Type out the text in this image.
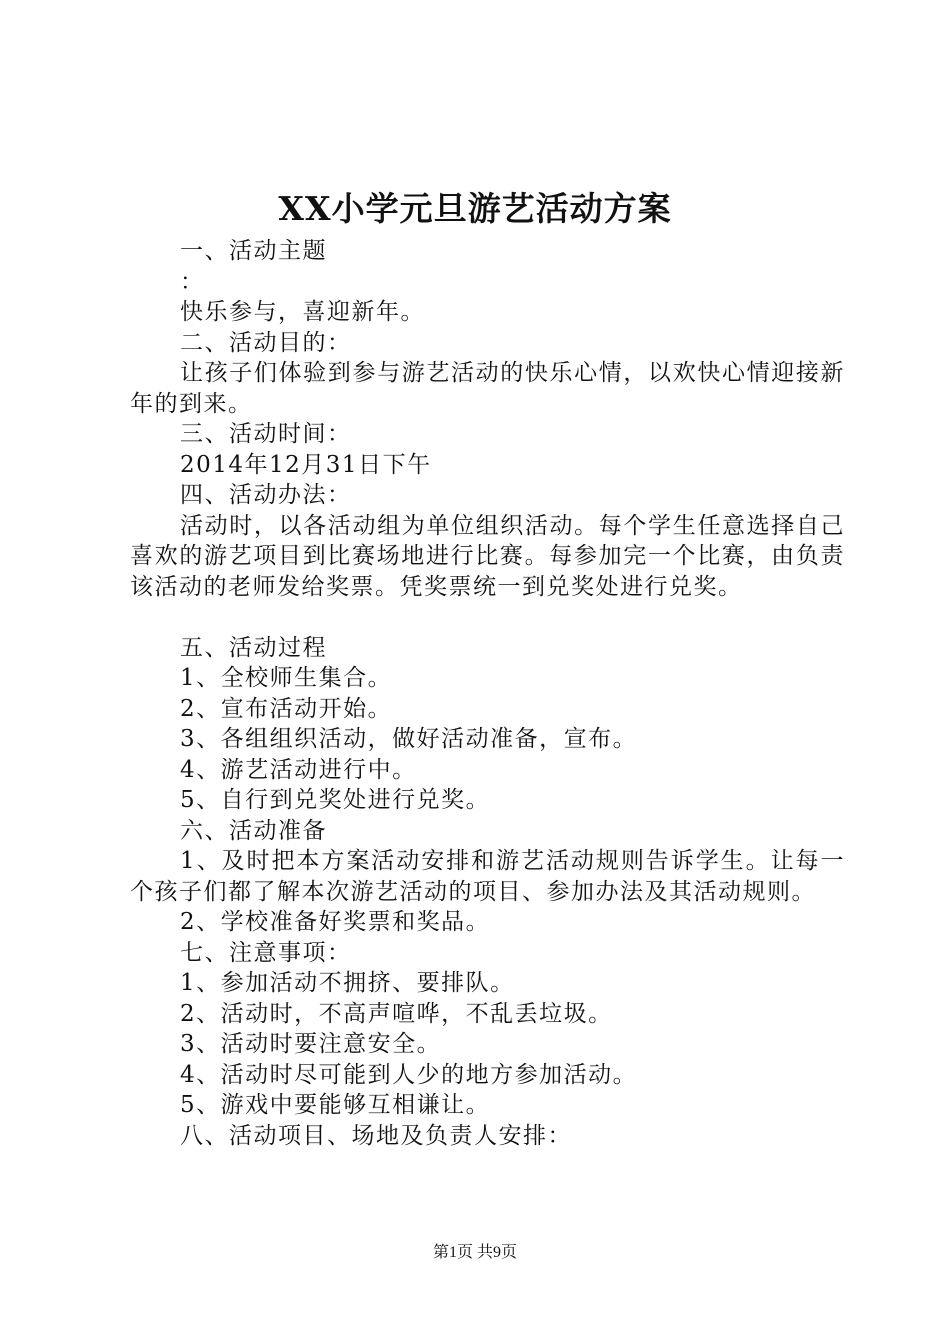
XX小学元旦游艺活动方案
一、活动主题
：
快乐参与，喜迎新年。
二、活动目的：
让孩子们体验到参与游艺活动的快乐心情，以欢快心情迎接新年的到来。
三、活动时间：
2014年12月31日下午
四、活动办法：
活动时，以各活动组为单位组织活动。每个学生任意选择自己喜欢的游艺项目到比赛场地进行比赛。每参加完一个比赛，由负责该活动的老师发给奖票。凭奖票统一到兑奖处进行兑奖。
五、活动过程
1、全校师生集合。
2、宣布活动开始。
3、各组组织活动，做好活动准备，宣布。
4、游艺活动进行中。
5、自行到兑奖处进行兑奖。
六、活动准备
1、及时把本方案活动安排和游艺活动规则告诉学生。让每一个孩子们都了解本次游艺活动的项目、参加办法及其活动规则。
2、学校准备好奖票和奖品。
七、注意事项：
1、参加活动不拥挤、要排队。
2、活动时，不高声喧哗，不乱丢垃圾。
3、活动时要注意安全。
4、活动时尽可能到人少的地方参加活动。
5、游戏中要能够互相谦让。
八、活动项目、场地及负责人安排：
第1页 共9页
